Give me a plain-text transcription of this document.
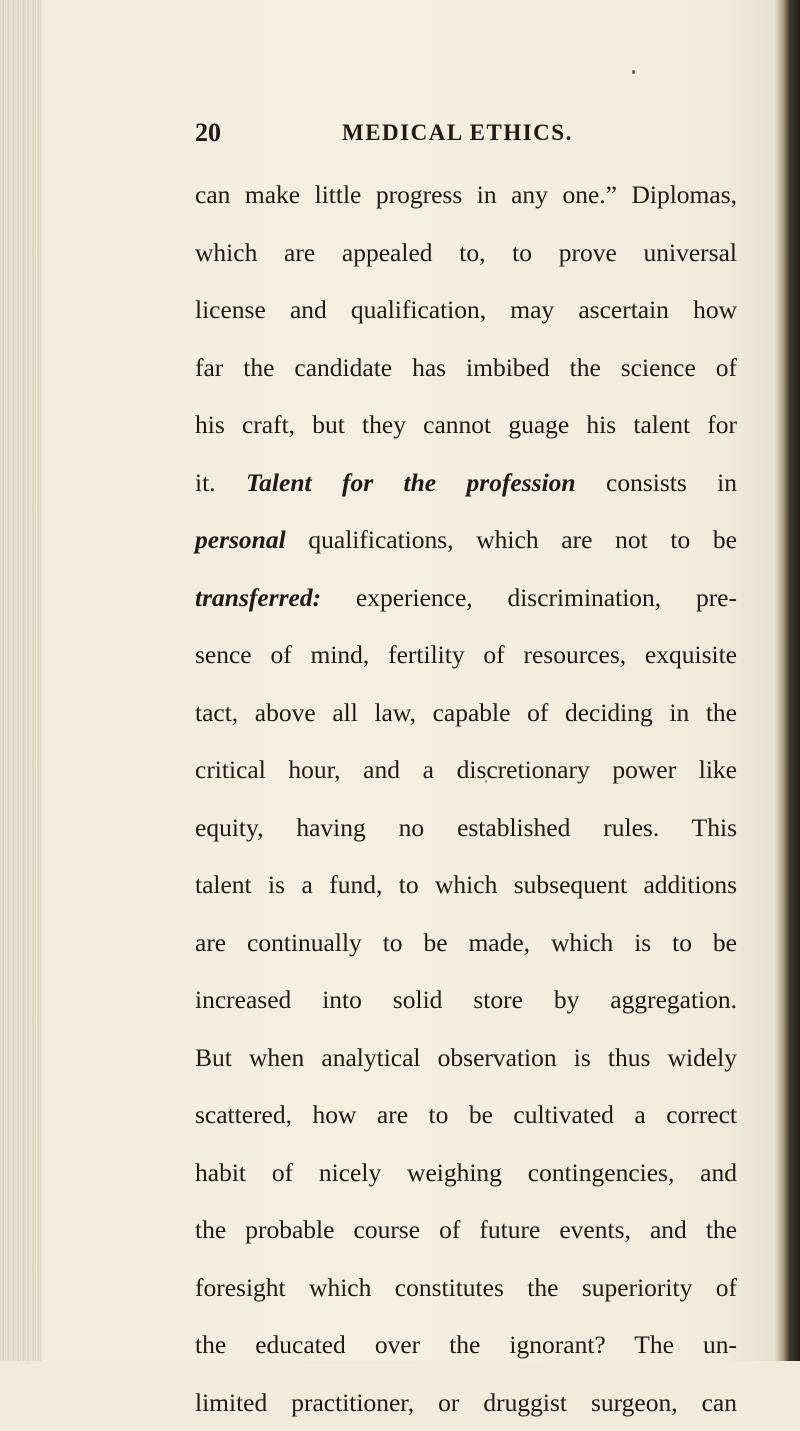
20	MEDICAL ETHICS.
can make little progress in any one.” Diplomas,
which are appealed to, to prove universal
license and qualification, may ascertain how
far the candidate has imbibed the science of
his craft, but they cannot guage his talent for
it. Talent for the profession consists in
personal qualifications, which are not to be
transferred: experience, discrimination, pre-
sence of mind, fertility of resources, exquisite
tact, above all law, capable of deciding in the
critical hour, and a discretionary power like
equity, having no established rules. This
talent is a fund, to which subsequent additions
are continually to be made, which is to be
increased into solid store by aggregation.
But when analytical observation is thus widely
scattered, how are to be cultivated a correct
habit of nicely weighing contingencies, and
the probable course of future events, and the
foresight which constitutes the superiority of
the educated over the ignorant? The un-
limited practitioner, or druggist surgeon, can
